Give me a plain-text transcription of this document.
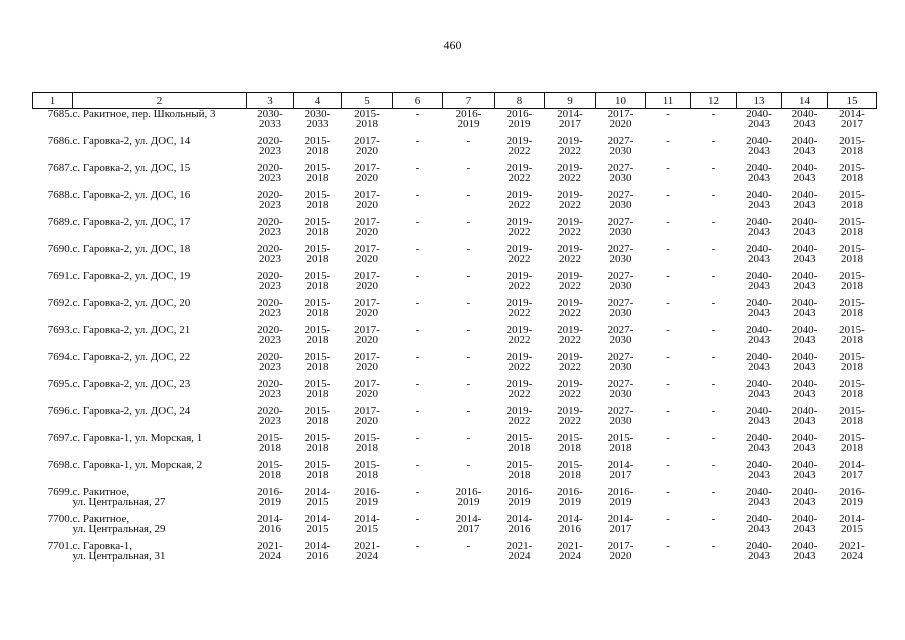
460
1	2	3	4	5	6	7	8	9	10	11	12	13	14	15
7685.	с. Ракитное, пер. Школьный, 3	2030-
2033	2030-
2033	2015-
2018	-	2016-
2019	2016-
2019	2014-
2017	2017-
2020	-	-	2040-
2043	2040-
2043	2014-
2017

7686.	с. Гаровка-2, ул. ДОС, 14	2020-
2023	2015-
2018	2017-
2020	-	-	2019-
2022	2019-
2022	2027-
2030	-	-	2040-
2043	2040-
2043	2015-
2018

7687.	с. Гаровка-2, ул. ДОС, 15	2020-
2023	2015-
2018	2017-
2020	-	-	2019-
2022	2019-
2022	2027-
2030	-	-	2040-
2043	2040-
2043	2015-
2018

7688.	с. Гаровка-2, ул. ДОС, 16	2020-
2023	2015-
2018	2017-
2020	-	-	2019-
2022	2019-
2022	2027-
2030	-	-	2040-
2043	2040-
2043	2015-
2018

7689.	с. Гаровка-2, ул. ДОС, 17	2020-
2023	2015-
2018	2017-
2020	-	-	2019-
2022	2019-
2022	2027-
2030	-	-	2040-
2043	2040-
2043	2015-
2018

7690.	с. Гаровка-2, ул. ДОС, 18	2020-
2023	2015-
2018	2017-
2020	-	-	2019-
2022	2019-
2022	2027-
2030	-	-	2040-
2043	2040-
2043	2015-
2018

7691.	с. Гаровка-2, ул. ДОС, 19	2020-
2023	2015-
2018	2017-
2020	-	-	2019-
2022	2019-
2022	2027-
2030	-	-	2040-
2043	2040-
2043	2015-
2018

7692.	с. Гаровка-2, ул. ДОС, 20	2020-
2023	2015-
2018	2017-
2020	-	-	2019-
2022	2019-
2022	2027-
2030	-	-	2040-
2043	2040-
2043	2015-
2018

7693.	с. Гаровка-2, ул. ДОС, 21	2020-
2023	2015-
2018	2017-
2020	-	-	2019-
2022	2019-
2022	2027-
2030	-	-	2040-
2043	2040-
2043	2015-
2018

7694.	с. Гаровка-2, ул. ДОС, 22	2020-
2023	2015-
2018	2017-
2020	-	-	2019-
2022	2019-
2022	2027-
2030	-	-	2040-
2043	2040-
2043	2015-
2018

7695.	с. Гаровка-2, ул. ДОС, 23	2020-
2023	2015-
2018	2017-
2020	-	-	2019-
2022	2019-
2022	2027-
2030	-	-	2040-
2043	2040-
2043	2015-
2018

7696.	с. Гаровка-2, ул. ДОС, 24	2020-
2023	2015-
2018	2017-
2020	-	-	2019-
2022	2019-
2022	2027-
2030	-	-	2040-
2043	2040-
2043	2015-
2018

7697.	с. Гаровка-1, ул. Морская, 1	2015-
2018	2015-
2018	2015-
2018	-	-	2015-
2018	2015-
2018	2015-
2018	-	-	2040-
2043	2040-
2043	2015-
2018

7698.	с. Гаровка-1, ул. Морская, 2	2015-
2018	2015-
2018	2015-
2018	-	-	2015-
2018	2015-
2018	2014-
2017	-	-	2040-
2043	2040-
2043	2014-
2017

7699.	с. Ракитное,
ул. Центральная, 27	2016-
2019	2014-
2015	2016-
2019	-	2016-
2019	2016-
2019	2016-
2019	2016-
2019	-	-	2040-
2043	2040-
2043	2016-
2019

7700.	с. Ракитное,
ул. Центральная, 29	2014-
2016	2014-
2015	2014-
2015	-	2014-
2017	2014-
2016	2014-
2016	2014-
2017	-	-	2040-
2043	2040-
2043	2014-
2015

7701.	с. Гаровка-1,
ул. Центральная, 31	2021-
2024	2014-
2016	2021-
2024	-	-	2021-
2024	2021-
2024	2017-
2020	-	-	2040-
2043	2040-
2043	2021-
2024
